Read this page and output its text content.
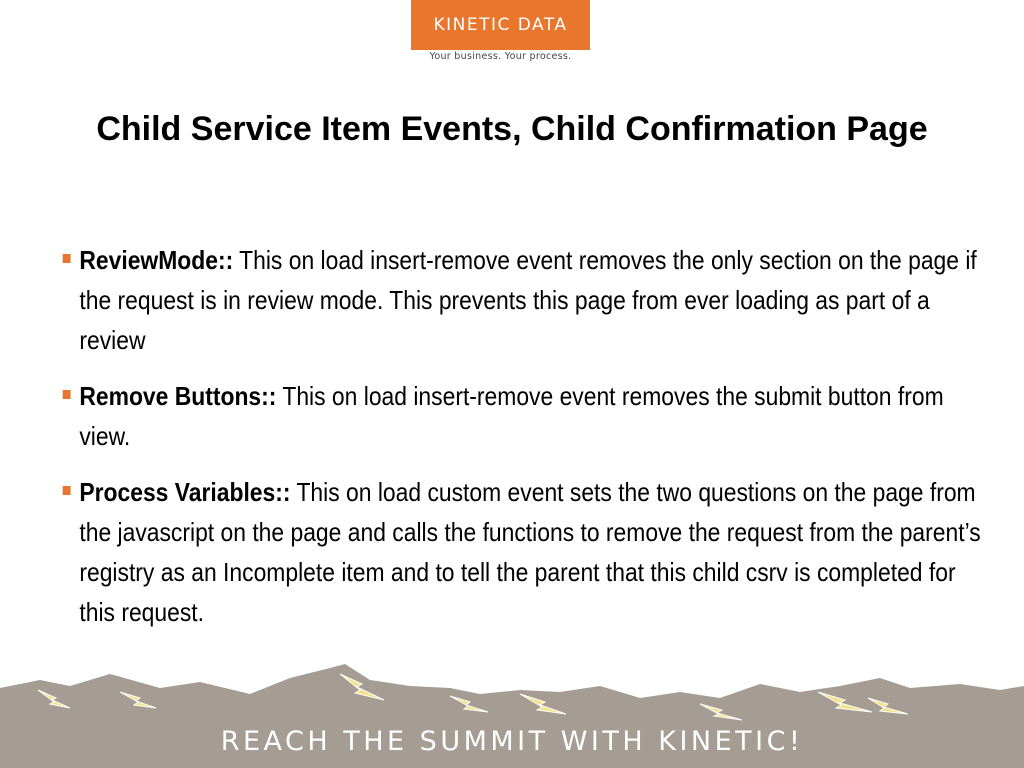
KINETIC DATA
Your business. Your process.
Child Service Item Events, Child Confirmation Page
ReviewMode:: This on load insert-remove event removes the only section on the page if the request is in review mode. This prevents this page from ever loading as part of a review
Remove Buttons:: This on load insert-remove event removes the submit button from view.
Process Variables:: This on load custom event sets the two questions on the page from the javascript on the page and calls the functions to remove the request from the parent’s registry as an Incomplete item and to tell the parent that this child csrv is completed for this request.
REACH THE SUMMIT WITH KINETIC!
